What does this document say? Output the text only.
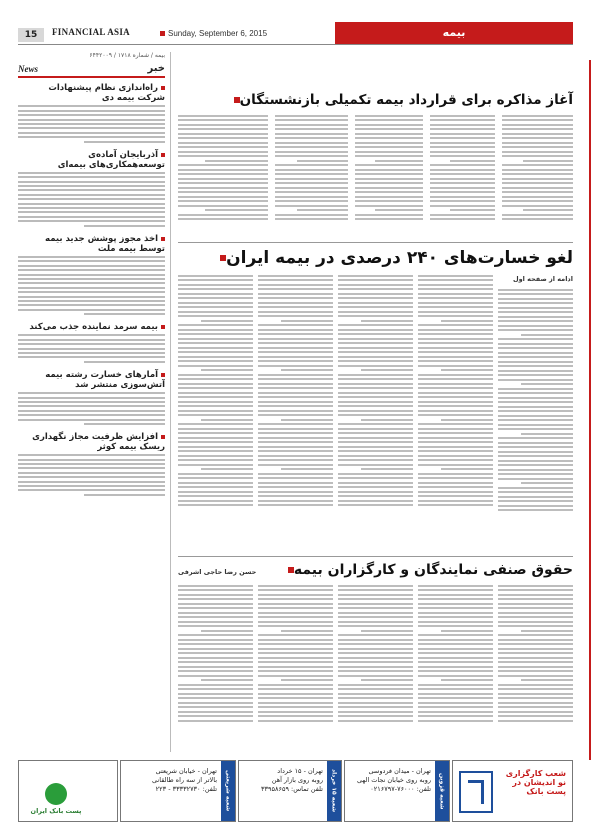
15	FINANCIAL ASIA	Sunday, September 6, 2015	بیمه
بیمه / شماره ۱۷۱۸ / ۶۴۴۲۰۰۹
خبر
News
راه‌اندازی نظام پیشنهادات شرکت بیمه دی
آذربایجان آماده‌ی توسعه‌همکاری‌های بیمه‌ای
اخذ مجوز پوشش جدید بیمه توسط بیمه ملت
بیمه سرمد نماینده جذب می‌کند
آمارهای خسارت رشته بیمه آتش‌سوزی منتشر شد
افزایش ظرفیت مجاز نگهداری ریسک بیمه کوثر
آغاز مذاکره برای قرارداد بیمه تکمیلی بازنشستگان
لغو خسارت‌های ۲۴۰ درصدی در بیمه ایران
ادامه از صفحه اول
حقوق صنفی نمایندگان و کارگزاران بیمه
حسن رضا حاجی اشرفی
پست بانک ایران
تهران - خیابان شریعتی
بالاتر از سه راه طالقانی
تلفن: ۳۳۳۳۲۷۳۰ - ۲۲۳	شعبه شریعتی	تهران - ۱۵ خرداد
روبه روی بازار آهن
تلفن تماس: ۳۳۹۵۸۶۵۹
شعبه ۱۵ خرداد
تهران - میدان فردوسی
روبه روی خیابان نجات الهی
تلفن: ۷۶۰۰۰-۰۲۱۶۷۹۷	شعبه قزوین	شعب کارگزاری نو اندیشان در پست بانک
